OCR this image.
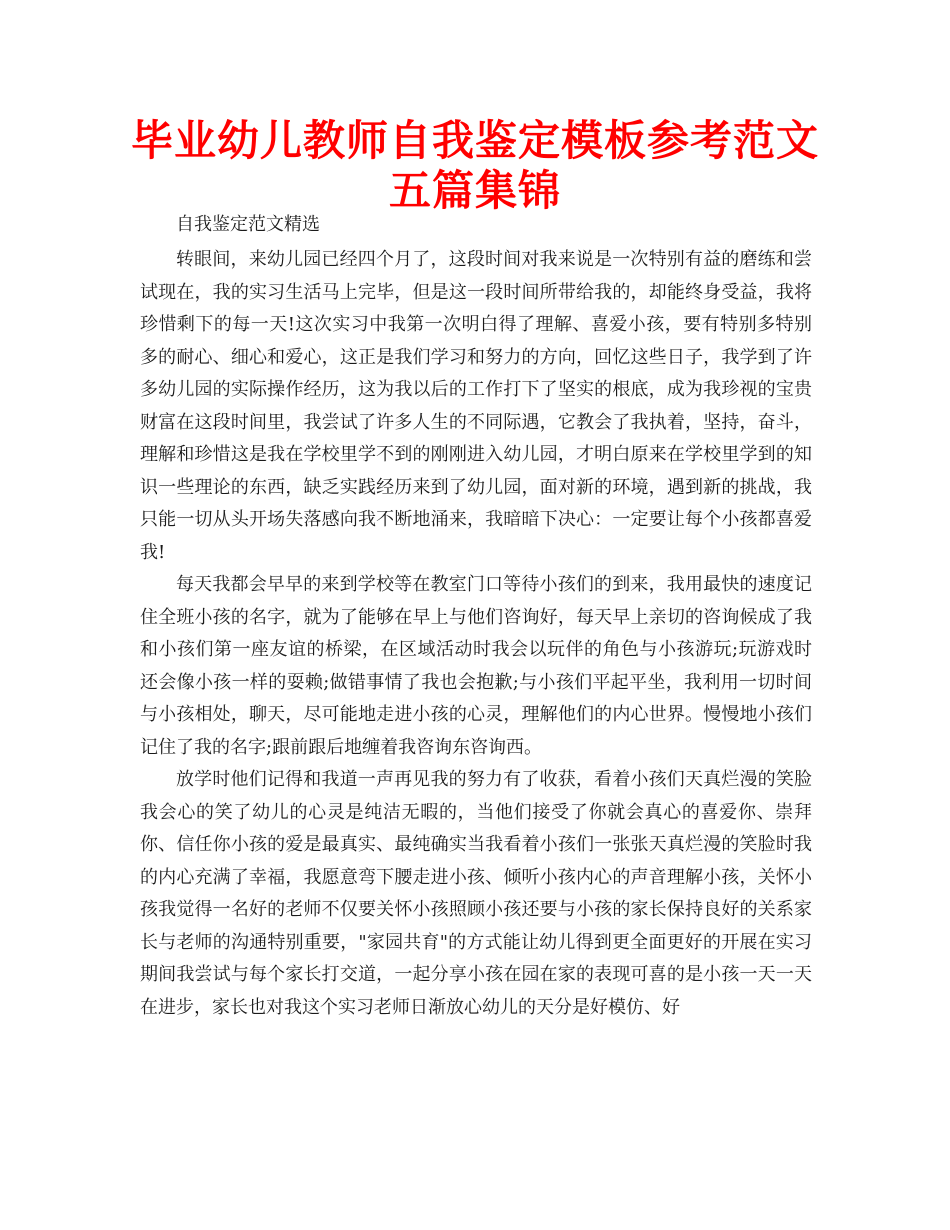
毕业幼儿教师自我鉴定模板参考范文五篇集锦

自我鉴定范文精选

转眼间，来幼儿园已经四个月了，这段时间对我来说是一次特别有益的磨练和尝试现在，我的实习生活马上完毕，但是这一段时间所带给我的，却能终身受益，我将珍惜剩下的每一天!这次实习中我第一次明白得了理解、喜爱小孩，要有特别多特别多的耐心、细心和爱心，这正是我们学习和努力的方向，回忆这些日子，我学到了许多幼儿园的实际操作经历，这为我以后的工作打下了坚实的根底，成为我珍视的宝贵财富在这段时间里，我尝试了许多人生的不同际遇，它教会了我执着，坚持，奋斗，理解和珍惜这是我在学校里学不到的刚刚进入幼儿园，才明白原来在学校里学到的知识一些理论的东西，缺乏实践经历来到了幼儿园，面对新的环境，遇到新的挑战，我只能一切从头开场失落感向我不断地涌来，我暗暗下决心：一定要让每个小孩都喜爱我!

每天我都会早早的来到学校等在教室门口等待小孩们的到来，我用最快的速度记住全班小孩的名字，就为了能够在早上与他们咨询好，每天早上亲切的咨询候成了我和小孩们第一座友谊的桥梁，在区域活动时我会以玩伴的角色与小孩游玩;玩游戏时还会像小孩一样的耍赖;做错事情了我也会抱歉;与小孩们平起平坐，我利用一切时间与小孩相处，聊天，尽可能地走进小孩的心灵，理解他们的内心世界。慢慢地小孩们记住了我的名字;跟前跟后地缠着我咨询东咨询西。

放学时他们记得和我道一声再见我的努力有了收获，看着小孩们天真烂漫的笑脸我会心的笑了幼儿的心灵是纯洁无暇的，当他们接受了你就会真心的喜爱你、崇拜你、信任你小孩的爱是最真实、最纯确实当我看着小孩们一张张天真烂漫的笑脸时我的内心充满了幸福，我愿意弯下腰走进小孩、倾听小孩内心的声音理解小孩，关怀小孩我觉得一名好的老师不仅要关怀小孩照顾小孩还要与小孩的家长保持良好的关系家长与老师的沟通特别重要，"家园共育"的方式能让幼儿得到更全面更好的开展在实习期间我尝试与每个家长打交道，一起分享小孩在园在家的表现可喜的是小孩一天一天在进步，家长也对我这个实习老师日渐放心幼儿的天分是好模仿、好
